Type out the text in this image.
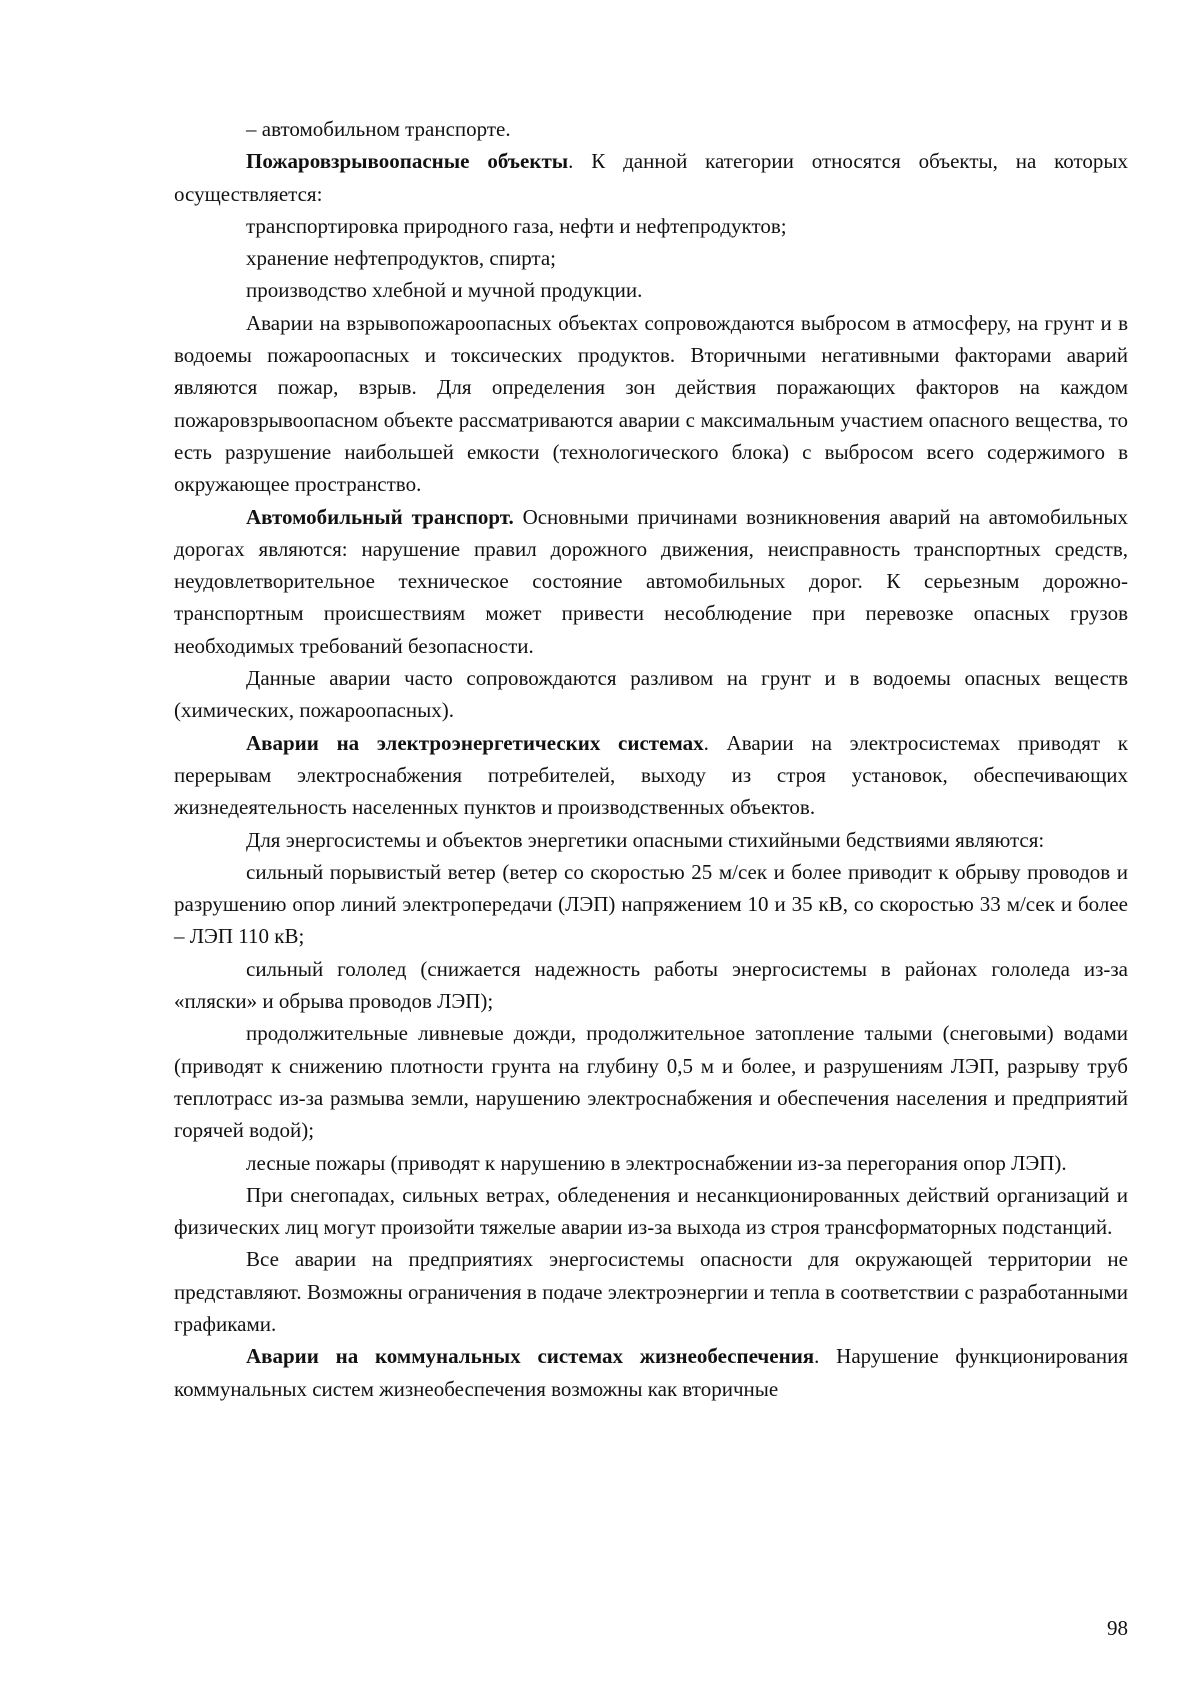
– автомобильном транспорте.

Пожаровзрывоопасные объекты. К данной категории относятся объекты, на которых осуществляется:

транспортировка природного газа, нефти и нефтепродуктов;

хранение нефтепродуктов, спирта;

производство хлебной и мучной продукции.

Аварии на взрывопожароопасных объектах сопровождаются выбросом в атмосферу, на грунт и в водоемы пожароопасных и токсических продуктов. Вторичными негативными факторами аварий являются пожар, взрыв. Для определения зон действия поражающих факторов на каждом пожаровзрывоопасном объекте рассматриваются аварии с максимальным участием опасного вещества, то есть разрушение наибольшей емкости (технологического блока) с выбросом всего содержимого в окружающее пространство.

Автомобильный транспорт. Основными причинами возникновения аварий на автомобильных дорогах являются: нарушение правил дорожного движения, неисправность транспортных средств, неудовлетворительное техническое состояние автомобильных дорог. К серьезным дорожно-транспортным происшествиям может привести несоблюдение при перевозке опасных грузов необходимых требований безопасности.

Данные аварии часто сопровождаются разливом на грунт и в водоемы опасных веществ (химических, пожароопасных).

Аварии на электроэнергетических системах. Аварии на электросистемах приводят к перерывам электроснабжения потребителей, выходу из строя установок, обеспечивающих жизнедеятельность населенных пунктов и производственных объектов.

Для энергосистемы и объектов энергетики опасными стихийными бедствиями являются:

сильный порывистый ветер (ветер со скоростью 25 м/сек и более приводит к обрыву проводов и разрушению опор линий электропередачи (ЛЭП) напряжением 10 и 35 кВ, со скоростью 33 м/сек и более – ЛЭП 110 кВ;

сильный гололед (снижается надежность работы энергосистемы в районах гололеда из-за «пляски» и обрыва проводов ЛЭП);

продолжительные ливневые дожди, продолжительное затопление талыми (снеговыми) водами (приводят к снижению плотности грунта на глубину 0,5 м и более, и разрушениям ЛЭП, разрыву труб теплотрасс из-за размыва земли, нарушению электроснабжения и обеспечения населения и предприятий горячей водой);

лесные пожары (приводят к нарушению в электроснабжении из-за перегорания опор ЛЭП).

При снегопадах, сильных ветрах, обледенения и несанкционированных действий организаций и физических лиц могут произойти тяжелые аварии из-за выхода из строя трансформаторных подстанций.

Все аварии на предприятиях энергосистемы опасности для окружающей территории не представляют. Возможны ограничения в подаче электроэнергии и тепла в соответствии с разработанными графиками.

Аварии на коммунальных системах жизнеобеспечения. Нарушение функционирования коммунальных систем жизнеобеспечения возможны как вторичные

98
